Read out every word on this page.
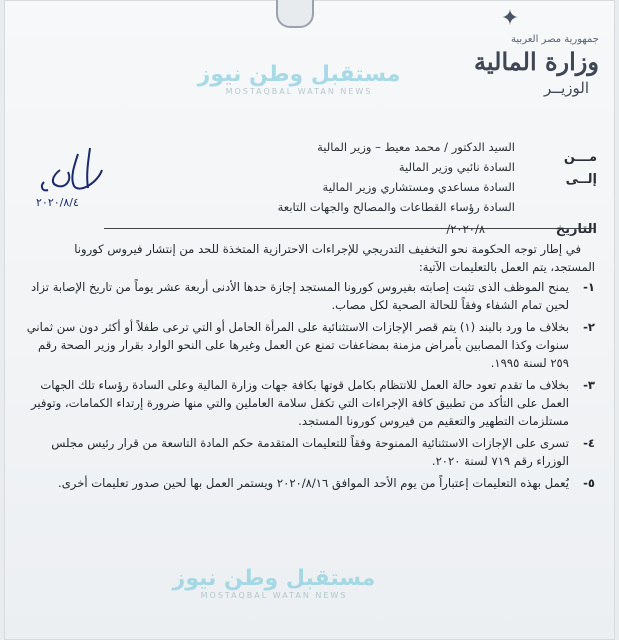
✦
جمهورية مصر العربية
وزارة المالية
الوزيــر
مستقبل وطن نيوز
MOSTAQBAL WATAN NEWS
٢٠٢٠/٨/٤
مـــن
السيد الدكتور / محمد معيط – وزير المالية
إلــى
السادة نائبي وزير المالية
السادة مساعدي ومستشاري وزير المالية
السادة رؤساء القطاعات والمصالح والجهات التابعة
التاريخ
٢٠٢٠/٨/
في إطار توجه الحكومة نحو التخفيف التدريجي للإجراءات الاحترازية المتخذة للحد من إنتشار فيروس كورونا المستجد، يتم العمل بالتعليمات الآتية:
١-
يمنح الموظف الذى تثبت إصابته بفيروس كورونا المستجد إجازة حدها الأدنى أربعة عشر يوماً من تاريخ الإصابة تزاد لحين تمام الشفاء وفقاً للحالة الصحية لكل مصاب.
٢-
بخلاف ما ورد بالبند (١) يتم قصر الإجازات الاستثنائية على المرأة الحامل أو التي ترعى طفلاً أو أكثر دون سن ثماني سنوات وكذا المصابين بأمراض مزمنة بمضاعفات تمنع عن العمل وغيرها على النحو الوارد بقرار وزير الصحة رقم ٢٥٩ لسنة ١٩٩٥.
٣-
بخلاف ما تقدم تعود حالة العمل للانتظام بكامل قوتها بكافة جهات وزارة المالية وعلى السادة رؤساء تلك الجهات العمل على التأكد من تطبيق كافة الإجراءات التي تكفل سلامة العاملين والتي منها ضرورة إرتداء الكمامات، وتوفير مستلزمات التطهير والتعقيم من فيروس كورونا المستجد.
٤-
تسرى على الإجازات الاستثنائية الممنوحة وفقاً للتعليمات المتقدمة حكم المادة التاسعة من قرار رئيس مجلس الوزراء رقم ٧١٩ لسنة ٢٠٢٠.
٥-
يُعمل بهذه التعليمات إعتباراً من يوم الأحد الموافق ٢٠٢٠/٨/١٦ ويستمر العمل بها لحين صدور تعليمات أخرى.
مستقبل وطن نيوز
MOSTAQBAL WATAN NEWS
